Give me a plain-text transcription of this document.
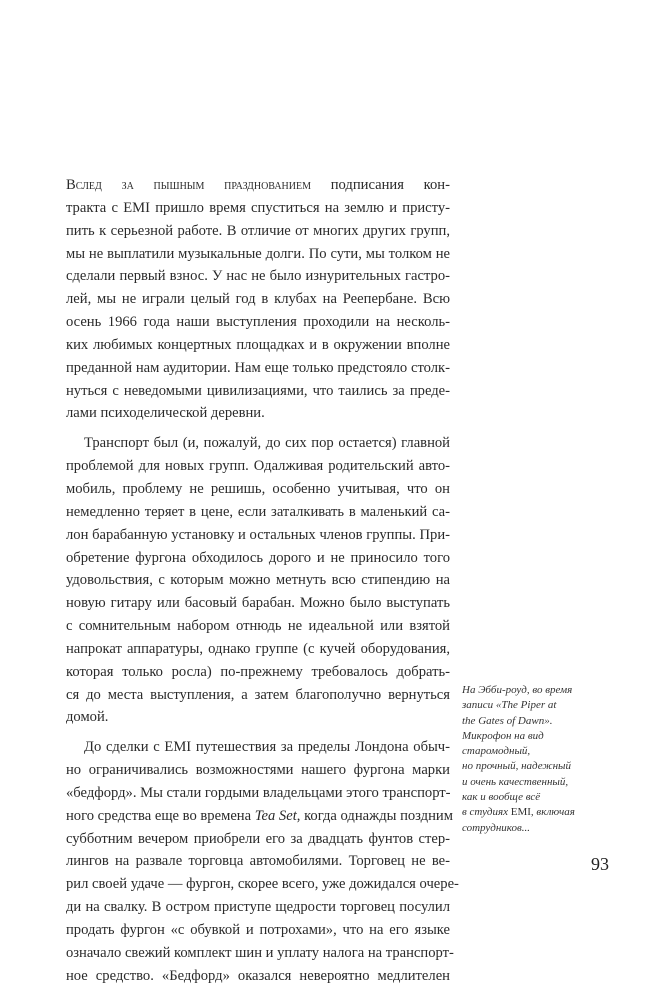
Вслед за пышным празднованием подписания кон-
тракта с EMI пришло время спуститься на землю и присту-
пить к серьезной работе. В отличие от многих других групп,
мы не выплатили музыкальные долги. По сути, мы толком не
сделали первый взнос. У нас не было изнурительных гастро-
лей, мы не играли целый год в клубах на Реепербане. Всю
осень 1966 года наши выступления проходили на несколь-
ких любимых концертных площадках и в окружении вполне
преданной нам аудитории. Нам еще только предстояло столк-
нуться с неведомыми цивилизациями, что таились за преде-
лами психоделической деревни.
Транспорт был (и, пожалуй, до сих пор остается) главной
проблемой для новых групп. Одалживая родительский авто-
мобиль, проблему не решишь, особенно учитывая, что он
немедленно теряет в цене, если заталкивать в маленький са-
лон барабанную установку и остальных членов группы. При-
обретение фургона обходилось дорого и не приносило того
удовольствия, с которым можно метнуть всю стипендию на
новую гитару или басовый барабан. Можно было выступать
с сомнительным набором отнюдь не идеальной или взятой
напрокат аппаратуры, однако группе (с кучей оборудования,
которая только росла) по-прежнему требовалось добрать-
ся до места выступления, а затем благополучно вернуться
домой.
До сделки с EMI путешествия за пределы Лондона обыч-
но ограничивались возможностями нашего фургона марки
«бедфорд». Мы стали гордыми владельцами этого транспорт-
ного средства еще во времена Tea Set, когда однажды поздним
субботним вечером приобрели его за двадцать фунтов стер-
лингов на развале торговца автомобилями. Торговец не ве-
рил своей удаче — фургон, скорее всего, уже дожидался очере-
ди на свалку. В остром приступе щедрости торговец посулил
продать фургон «с обувкой и потрохами», что на его языке
означало свежий комплект шин и уплату налога на транспорт-
ное средство. «Бедфорд» оказался невероятно медлителен
На Эбби-роуд, во время
записи «The Piper at
the Gates of Dawn».
Микрофон на вид
старомодный,
но прочный, надежный
и очень качественный,
как и вообще всё
в студиях EMI, включая
сотрудников...
93
